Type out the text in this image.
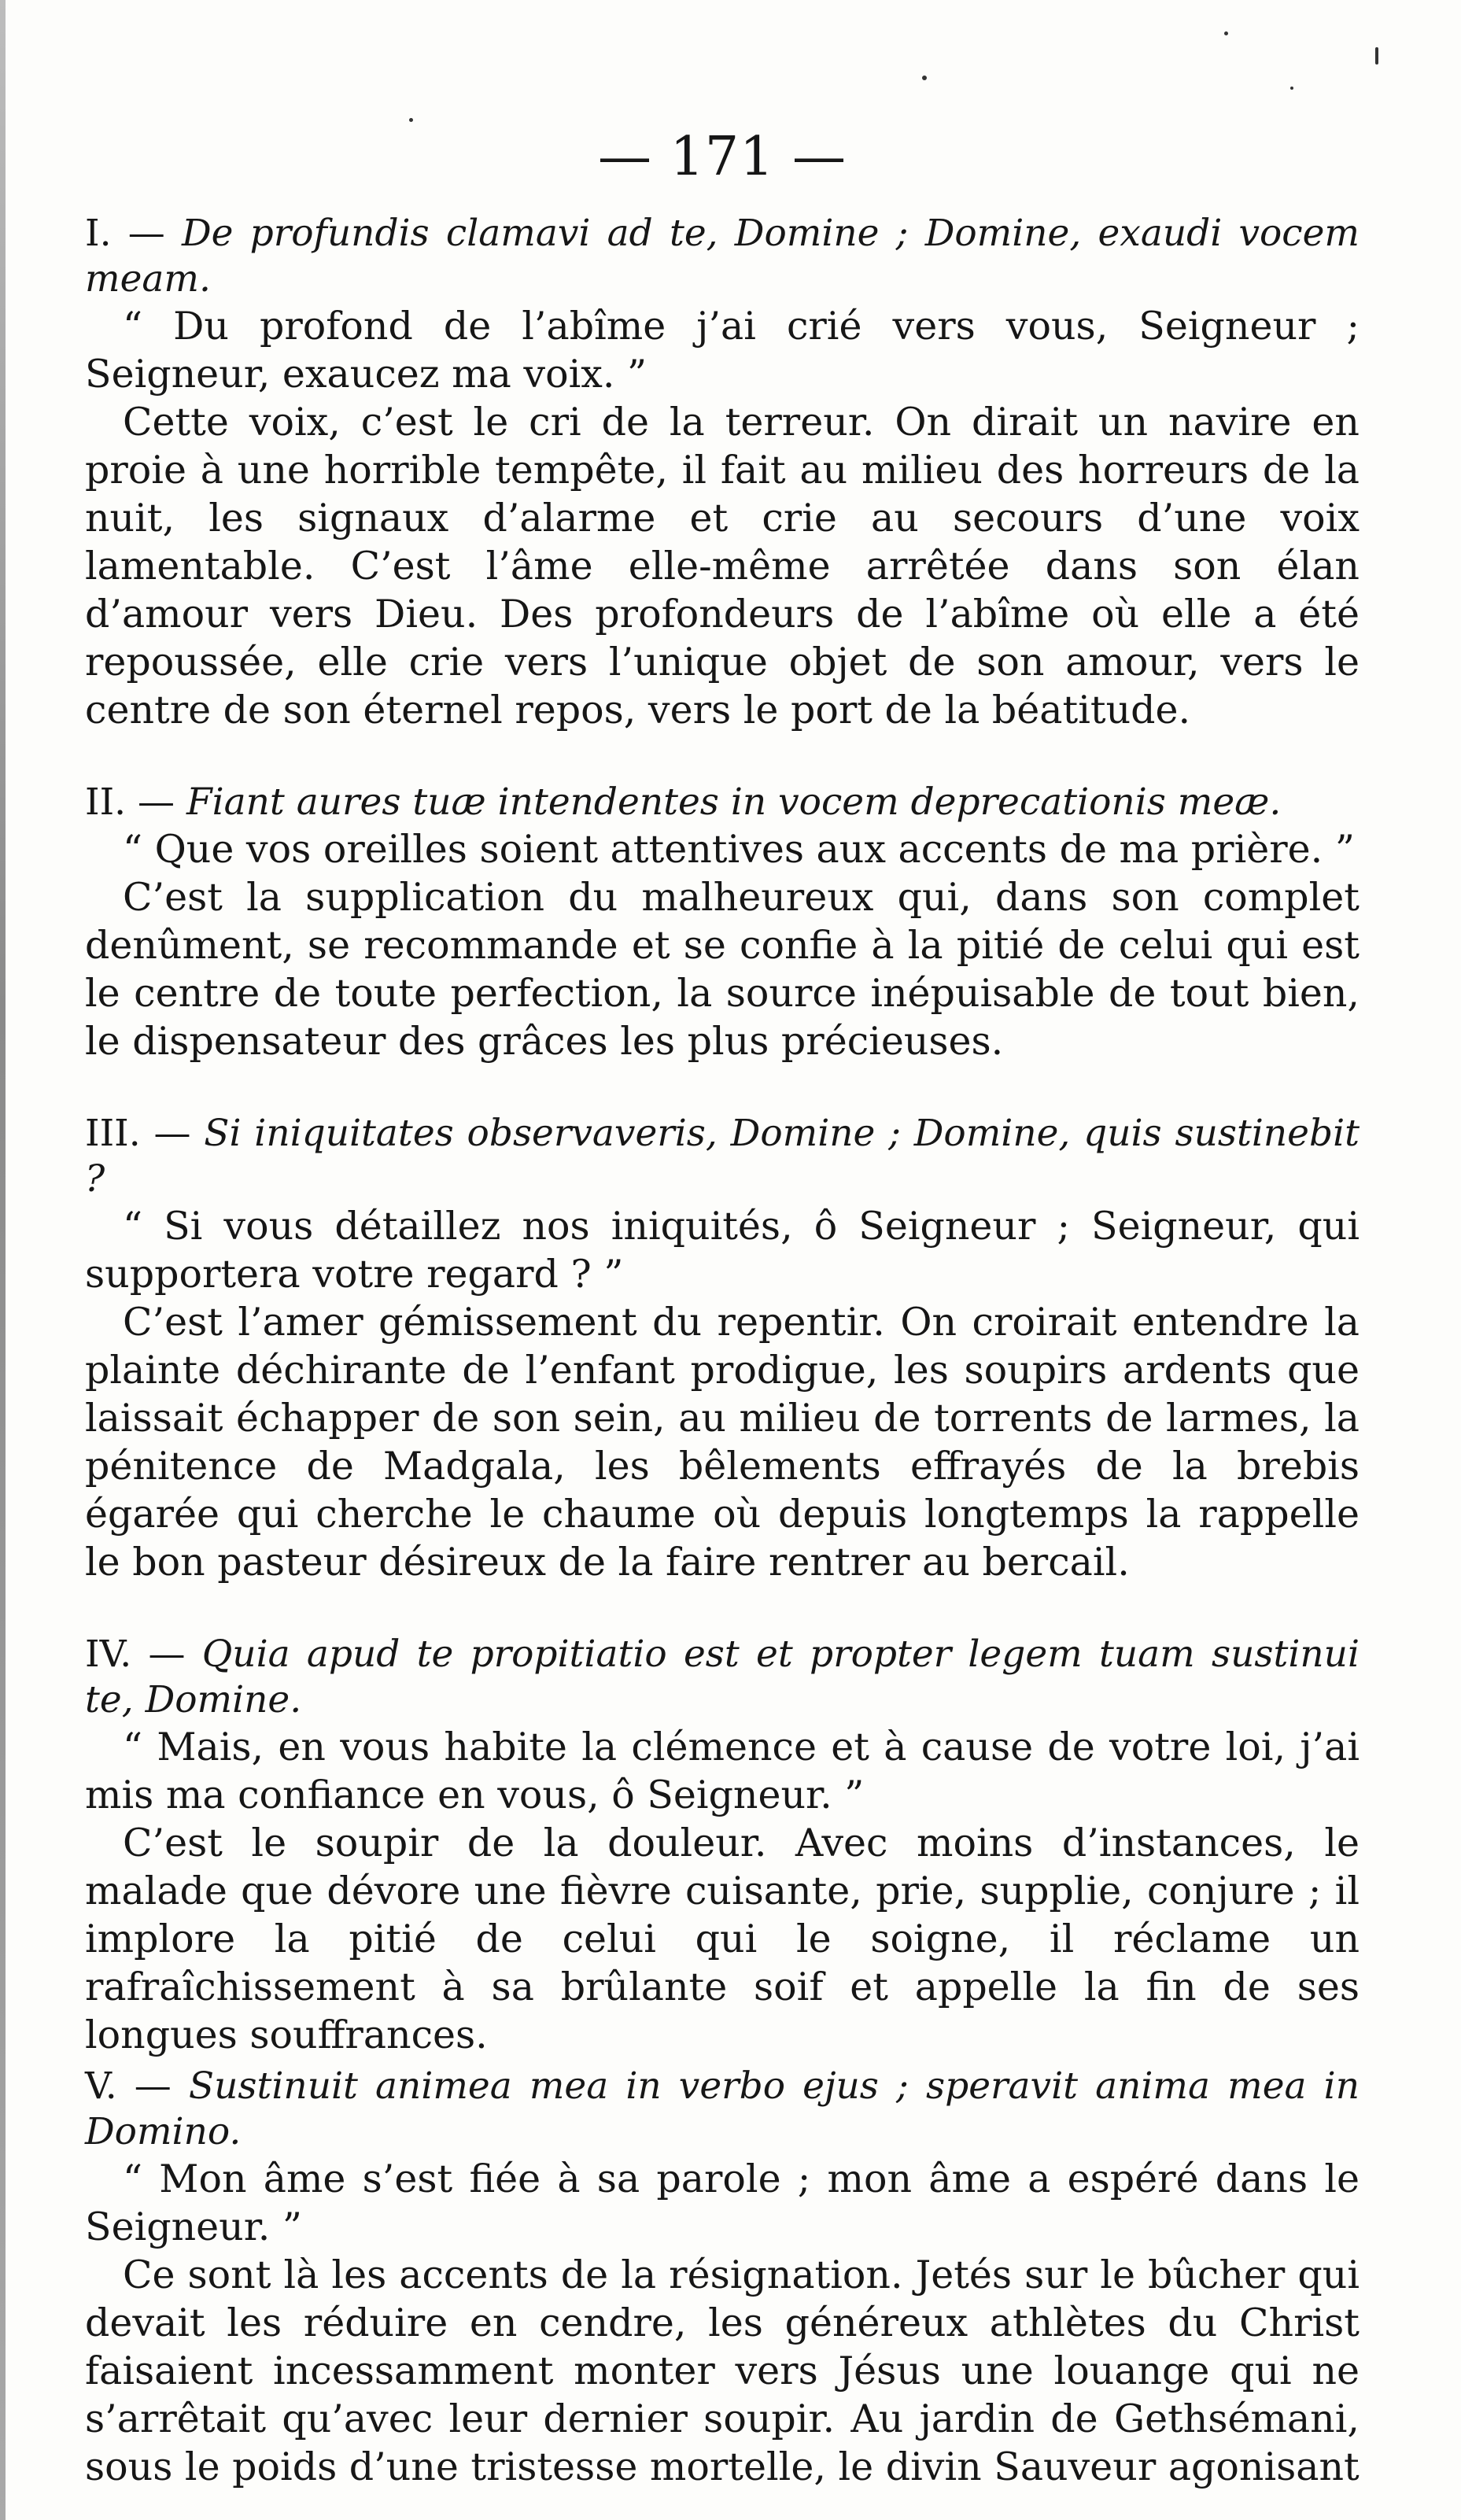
— 171 —
I. — De profundis clamavi ad te, Domine ; Domine, exaudi vocem meam.
“ Du profond de l’abîme j’ai crié vers vous, Seigneur ; Seigneur, exaucez ma voix. ”
Cette voix, c’est le cri de la terreur. On dirait un navire en proie à une horrible tempête, il fait au milieu des horreurs de la nuit, les signaux d’alarme et crie au secours d’une voix lamentable. C’est l’âme elle-même arrêtée dans son élan d’amour vers Dieu. Des profondeurs de l’abîme où elle a été repoussée, elle crie vers l’unique objet de son amour, vers le centre de son éternel repos, vers le port de la béatitude.
II. — Fiant aures tuæ intendentes in vocem deprecationis meæ.
“ Que vos oreilles soient attentives aux accents de ma prière. ”
C’est la supplication du malheureux qui, dans son complet denûment, se recommande et se confie à la pitié de celui qui est le centre de toute perfection, la source inépuisable de tout bien, le dispensateur des grâces les plus précieuses.
III. — Si iniquitates observaveris, Domine ; Domine, quis sustinebit ?
“ Si vous détaillez nos iniquités, ô Seigneur ; Seigneur, qui supportera votre regard ? ”
C’est l’amer gémissement du repentir. On croirait entendre la plainte déchirante de l’enfant prodigue, les soupirs ardents que laissait échapper de son sein, au milieu de torrents de larmes, la pénitence de Madgala, les bêlements effrayés de la brebis égarée qui cherche le chaume où depuis longtemps la rappelle le bon pasteur désireux de la faire rentrer au bercail.
IV. — Quia apud te propitiatio est et propter legem tuam sustinui te, Domine.
“ Mais, en vous habite la clémence et à cause de votre loi, j’ai mis ma confiance en vous, ô Seigneur. ”
C’est le soupir de la douleur. Avec moins d’instances, le malade que dévore une fièvre cuisante, prie, supplie, conjure ; il implore la pitié de celui qui le soigne, il réclame un rafraîchissement à sa brûlante soif et appelle la fin de ses longues souffrances.
V. — Sustinuit animea mea in verbo ejus ; speravit anima mea in Domino.
“ Mon âme s’est fiée à sa parole ; mon âme a espéré dans le Seigneur. ”
Ce sont là les accents de la résignation. Jetés sur le bûcher qui devait les réduire en cendre, les généreux athlètes du Christ faisaient incessamment monter vers Jésus une louange qui ne s’arrêtait qu’avec leur dernier soupir. Au jardin de Gethsémani, sous le poids d’une tristesse mortelle, le divin Sauveur agonisant
